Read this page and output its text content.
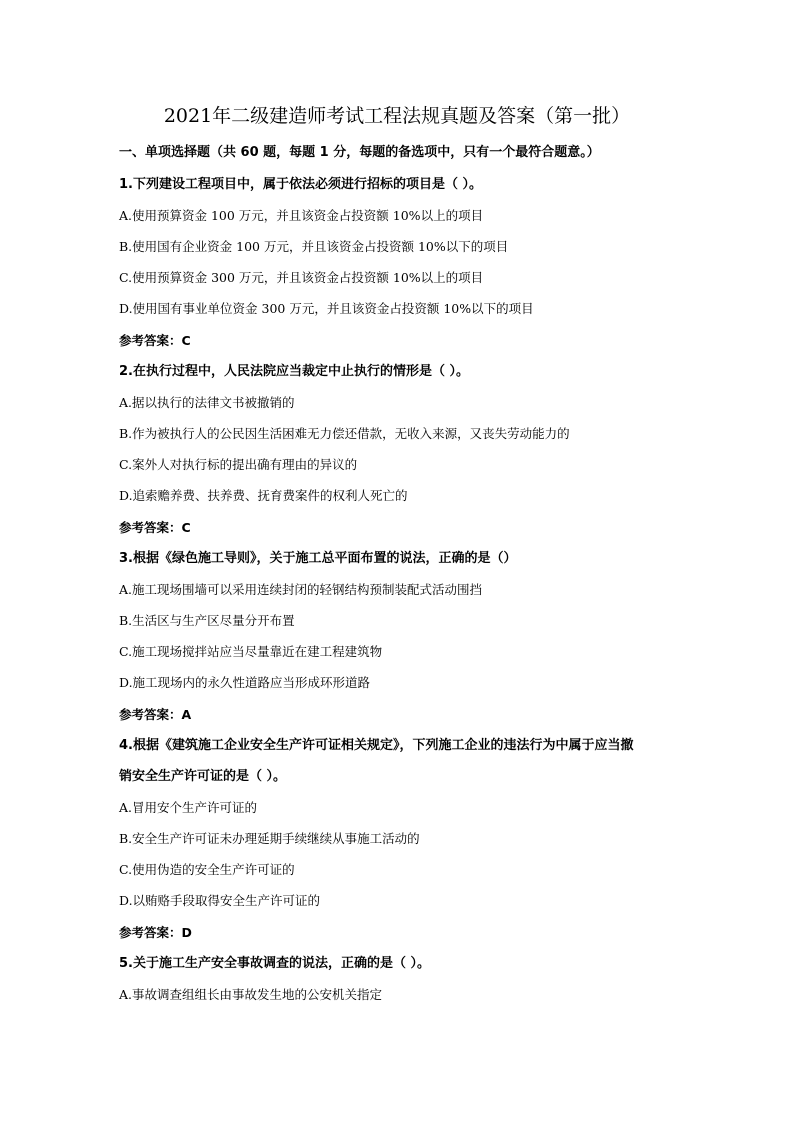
2021年二级建造师考试工程法规真题及答案（第一批）
一、单项选择题（共 60 题，每题 1 分，每题的备选项中，只有一个最符合题意。）
1.下列建设工程项目中，属于依法必须进行招标的项目是（ ）。
A.使用预算资金 100 万元，并且该资金占投资额 10%以上的项目
B.使用国有企业资金 100 万元，并且该资金占投资额 10%以下的项目
C.使用预算资金 300 万元，并且该资金占投资额 10%以上的项目
D.使用国有事业单位资金 300 万元，并且该资金占投资额 10%以下的项目
参考答案：C
2.在执行过程中，人民法院应当裁定中止执行的情形是（ ）。
A.据以执行的法律文书被撤销的
B.作为被执行人的公民因生活困难无力偿还借款，无收入来源，又丧失劳动能力的
C.案外人对执行标的提出确有理由的异议的
D.追索赡养费、扶养费、抚育费案件的权利人死亡的
参考答案：C
3.根据《绿色施工导则》，关于施工总平面布置的说法，正确的是（）
A.施工现场围墙可以采用连续封闭的轻钢结构预制装配式活动围挡
B.生活区与生产区尽量分开布置
C.施工现场搅拌站应当尽量靠近在建工程建筑物
D.施工现场内的永久性道路应当形成环形道路
参考答案：A
4.根据《建筑施工企业安全生产许可证相关规定》，下列施工企业的违法行为中属于应当撤
销安全生产许可证的是（ ）。
A.冒用安个生产许可证的
B.安全生产许可证未办理延期手续继续从事施工活动的
C.使用伪造的安全生产许可证的
D.以贿赂手段取得安全生产许可证的
参考答案：D
5.关于施工生产安全事故调查的说法，正确的是（ ）。
A.事故调查组组长由事故发生地的公安机关指定
